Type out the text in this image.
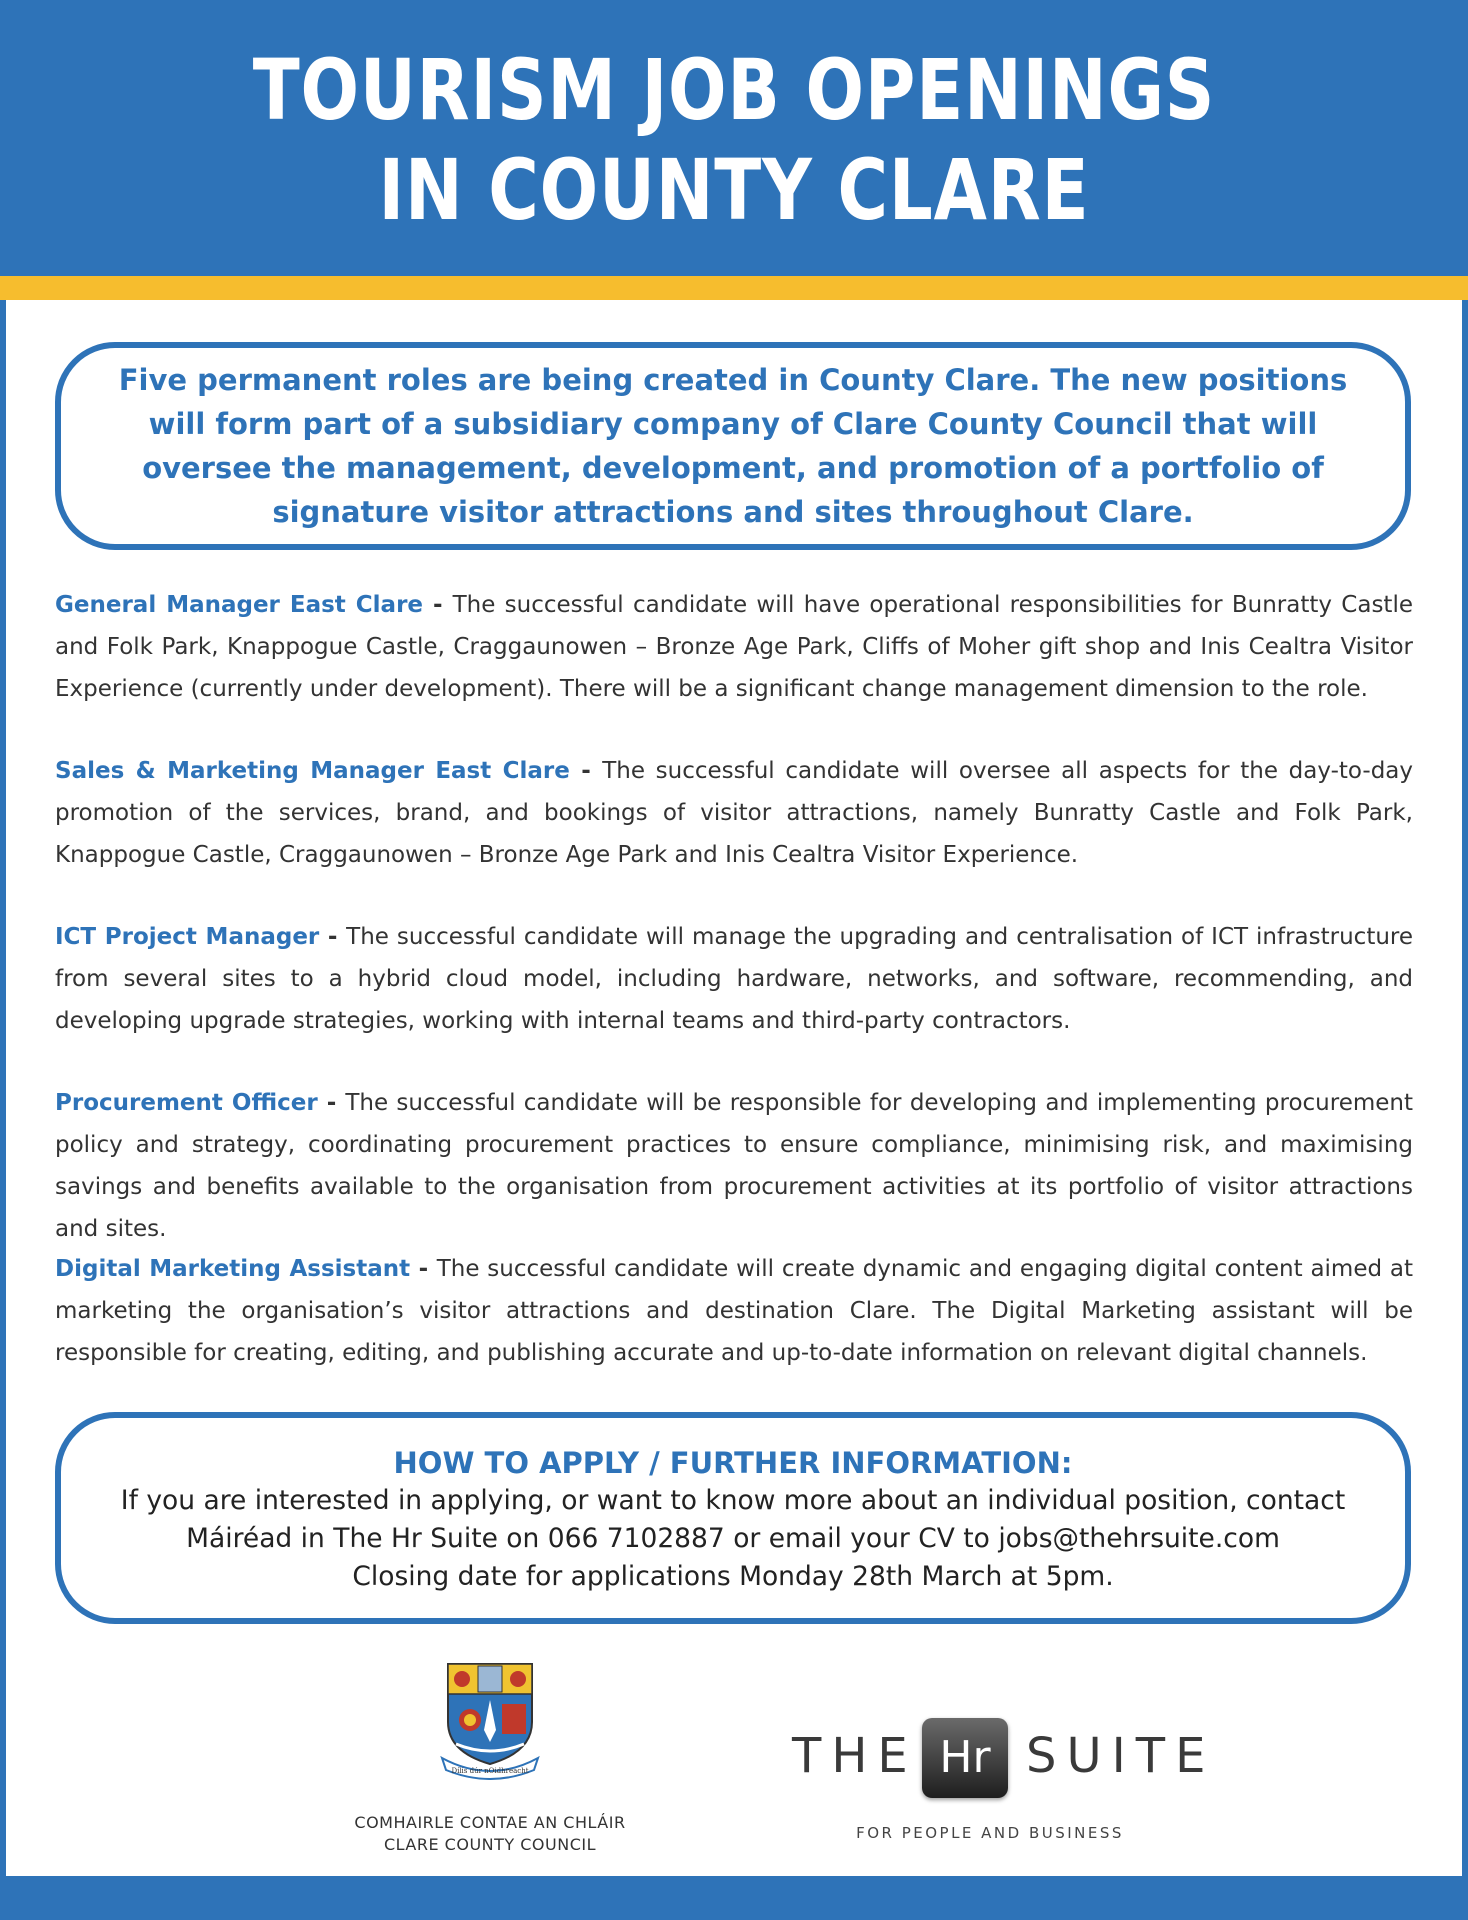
TOURISM JOB OPENINGS
IN COUNTY CLARE
Five permanent roles are being created in County Clare. The new positions will form part of a subsidiary company of Clare County Council that will oversee the management, development, and promotion of a portfolio of signature visitor attractions and sites throughout Clare.
General Manager East Clare - The successful candidate will have operational responsibilities for Bunratty Castle and Folk Park, Knappogue Castle, Craggaunowen – Bronze Age Park, Cliffs of Moher gift shop and Inis Cealtra Visitor Experience (currently under development). There will be a significant change management dimension to the role.
Sales & Marketing Manager East Clare - The successful candidate will oversee all aspects for the day-to-day promotion of the services, brand, and bookings of visitor attractions, namely Bunratty Castle and Folk Park, Knappogue Castle, Craggaunowen – Bronze Age Park and Inis Cealtra Visitor Experience.
ICT Project Manager - The successful candidate will manage the upgrading and centralisation of ICT infrastructure from several sites to a hybrid cloud model, including hardware, networks, and software, recommending, and developing upgrade strategies, working with internal teams and third-party contractors.
Procurement Officer - The successful candidate will be responsible for developing and implementing procurement policy and strategy, coordinating procurement practices to ensure compliance, minimising risk, and maximising savings and benefits available to the organisation from procurement activities at its portfolio of visitor attractions and sites.
Digital Marketing Assistant - The successful candidate will create dynamic and engaging digital content aimed at marketing the organisation’s visitor attractions and destination Clare. The Digital Marketing assistant will be responsible for creating, editing, and publishing accurate and up-to-date information on relevant digital channels.
HOW TO APPLY / FURTHER INFORMATION:
If you are interested in applying, or want to know more about an individual position, contact
Máiréad in The Hr Suite on 066 7102887 or email your CV to jobs@thehrsuite.com
Closing date for applications Monday 28th March at 5pm.
Dílis dúr nOidhreacht
COMHAIRLE CONTAE AN CHLÁIR
CLARE COUNTY COUNCIL
THE Hr SUITE
FOR PEOPLE AND BUSINESS
